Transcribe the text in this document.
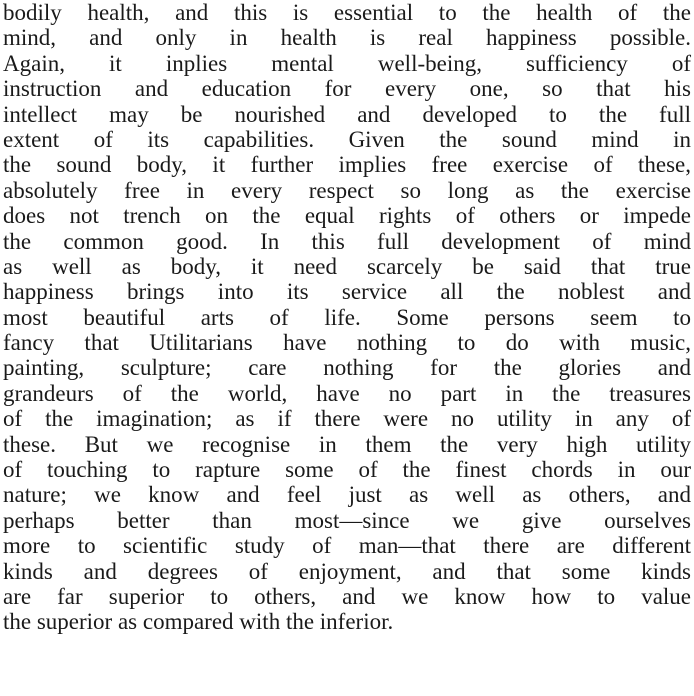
bodily health, and this is essential to the health of the
mind, and only in health is real happiness possible.
Again, it inplies mental well-being, sufficiency of
instruction and education for every one, so that his
intellect may be nourished and developed to the full
extent of its capabilities. Given the sound mind in
the sound body, it further implies free exercise of these,
absolutely free in every respect so long as the exercise
does not trench on the equal rights of others or impede
the common good. In this full development of mind
as well as body, it need scarcely be said that true
happiness brings into its service all the noblest and
most beautiful arts of life. Some persons seem to
fancy that Utilitarians have nothing to do with music,
painting, sculpture; care nothing for the glories and
grandeurs of the world, have no part in the treasures
of the imagination; as if there were no utility in any of
these. But we recognise in them the very high utility
of touching to rapture some of the finest chords in our
nature; we know and feel just as well as others, and
perhaps better than most—since we give ourselves
more to scientific study of man—that there are different
kinds and degrees of enjoyment, and that some kinds
are far superior to others, and we know how to value
the superior as compared with the inferior.
